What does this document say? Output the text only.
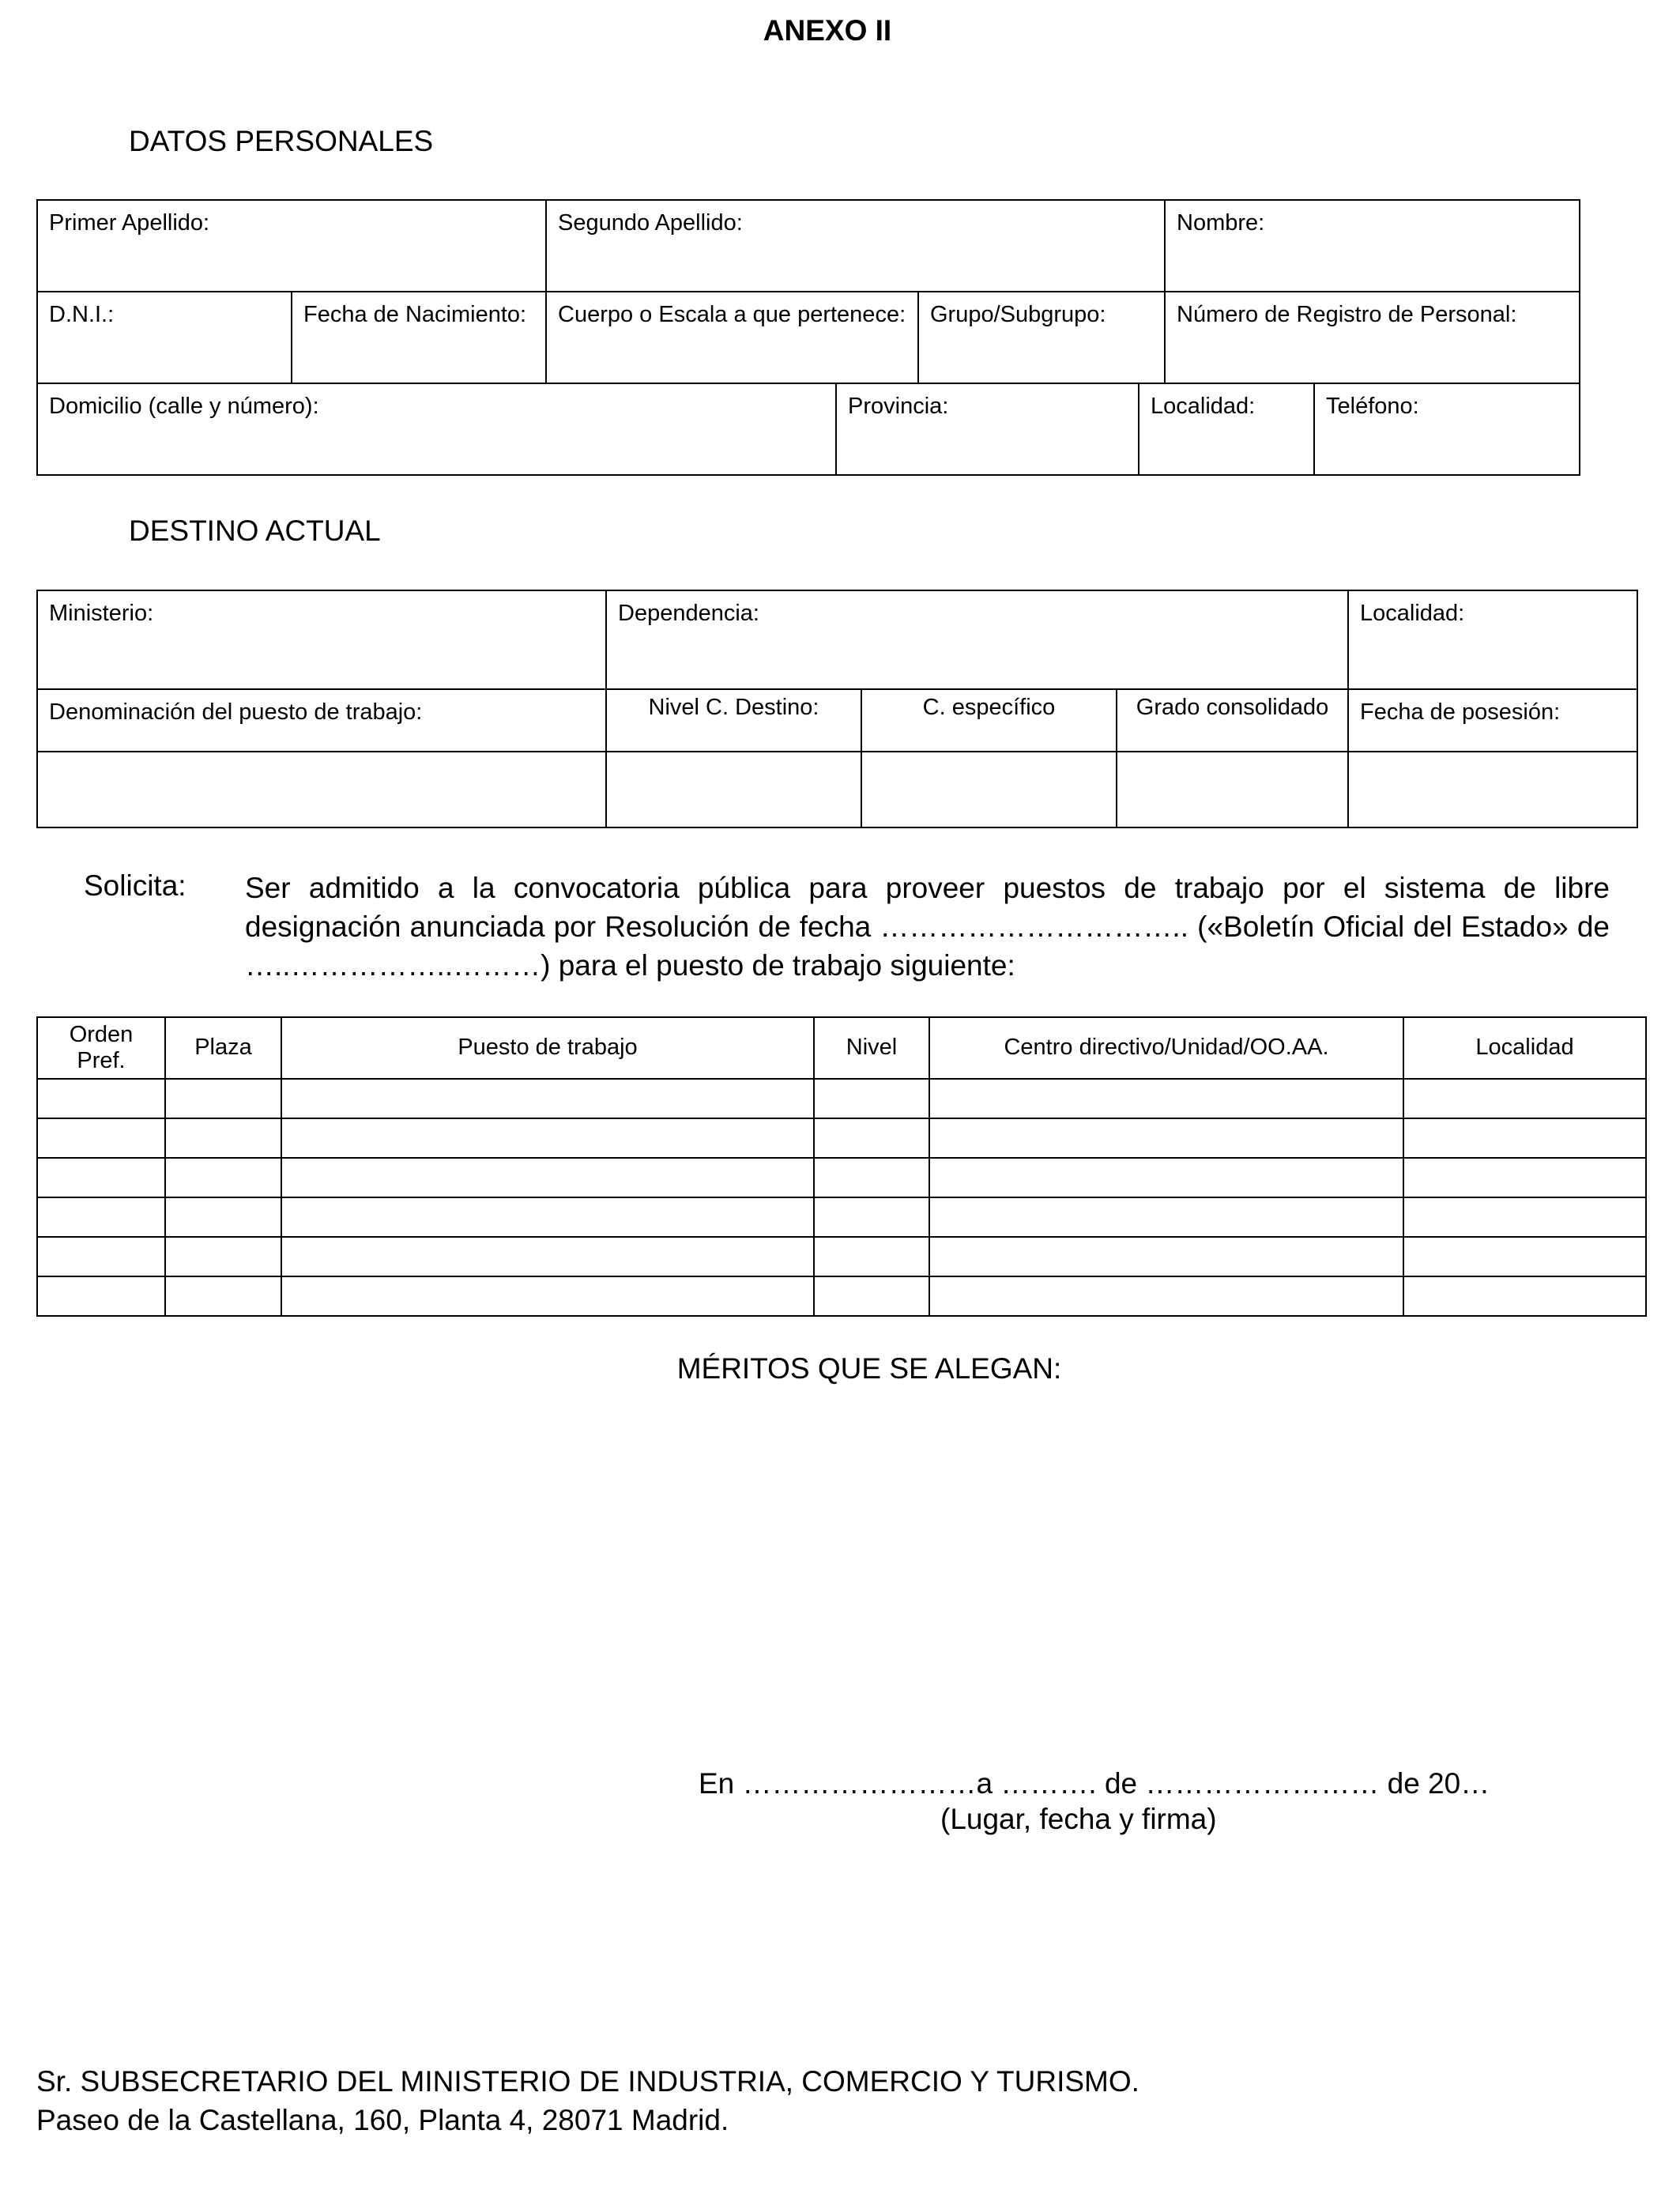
ANEXO II
DATOS PERSONALES
Primer Apellido:		Segundo Apellido:				Nombre:	
D.N.I.:	Fecha de Nacimiento:	Cuerpo o Escala a que pertenece:		Grupo/Subgrupo:		Número de Registro de Personal:	
Domicilio (calle y número):			Provincia:		Localidad:		Teléfono:
DESTINO ACTUAL
Ministerio:	Dependencia:			Localidad:
Denominación del puesto de trabajo:	Nivel C. Destino:	C. específico	Grado consolidado	Fecha de posesión:

Solicita: Ser admitido a la convocatoria pública para proveer puestos de trabajo por el sistema de libre designación anunciada por Resolución de fecha ………………………….. («Boletín Oficial del Estado» de …..……………..………) para el puesto de trabajo siguiente:
Orden Pref.	Plaza	Puesto de trabajo	Nivel	Centro directivo/Unidad/OO.AA.	Localidad

MÉRITOS QUE SE ALEGAN:
En ……………………a ………. de …………………… de 20…
(Lugar, fecha y firma)
Sr. SUBSECRETARIO DEL MINISTERIO DE INDUSTRIA, COMERCIO Y TURISMO.
Paseo de la Castellana, 160, Planta 4, 28071 Madrid.
